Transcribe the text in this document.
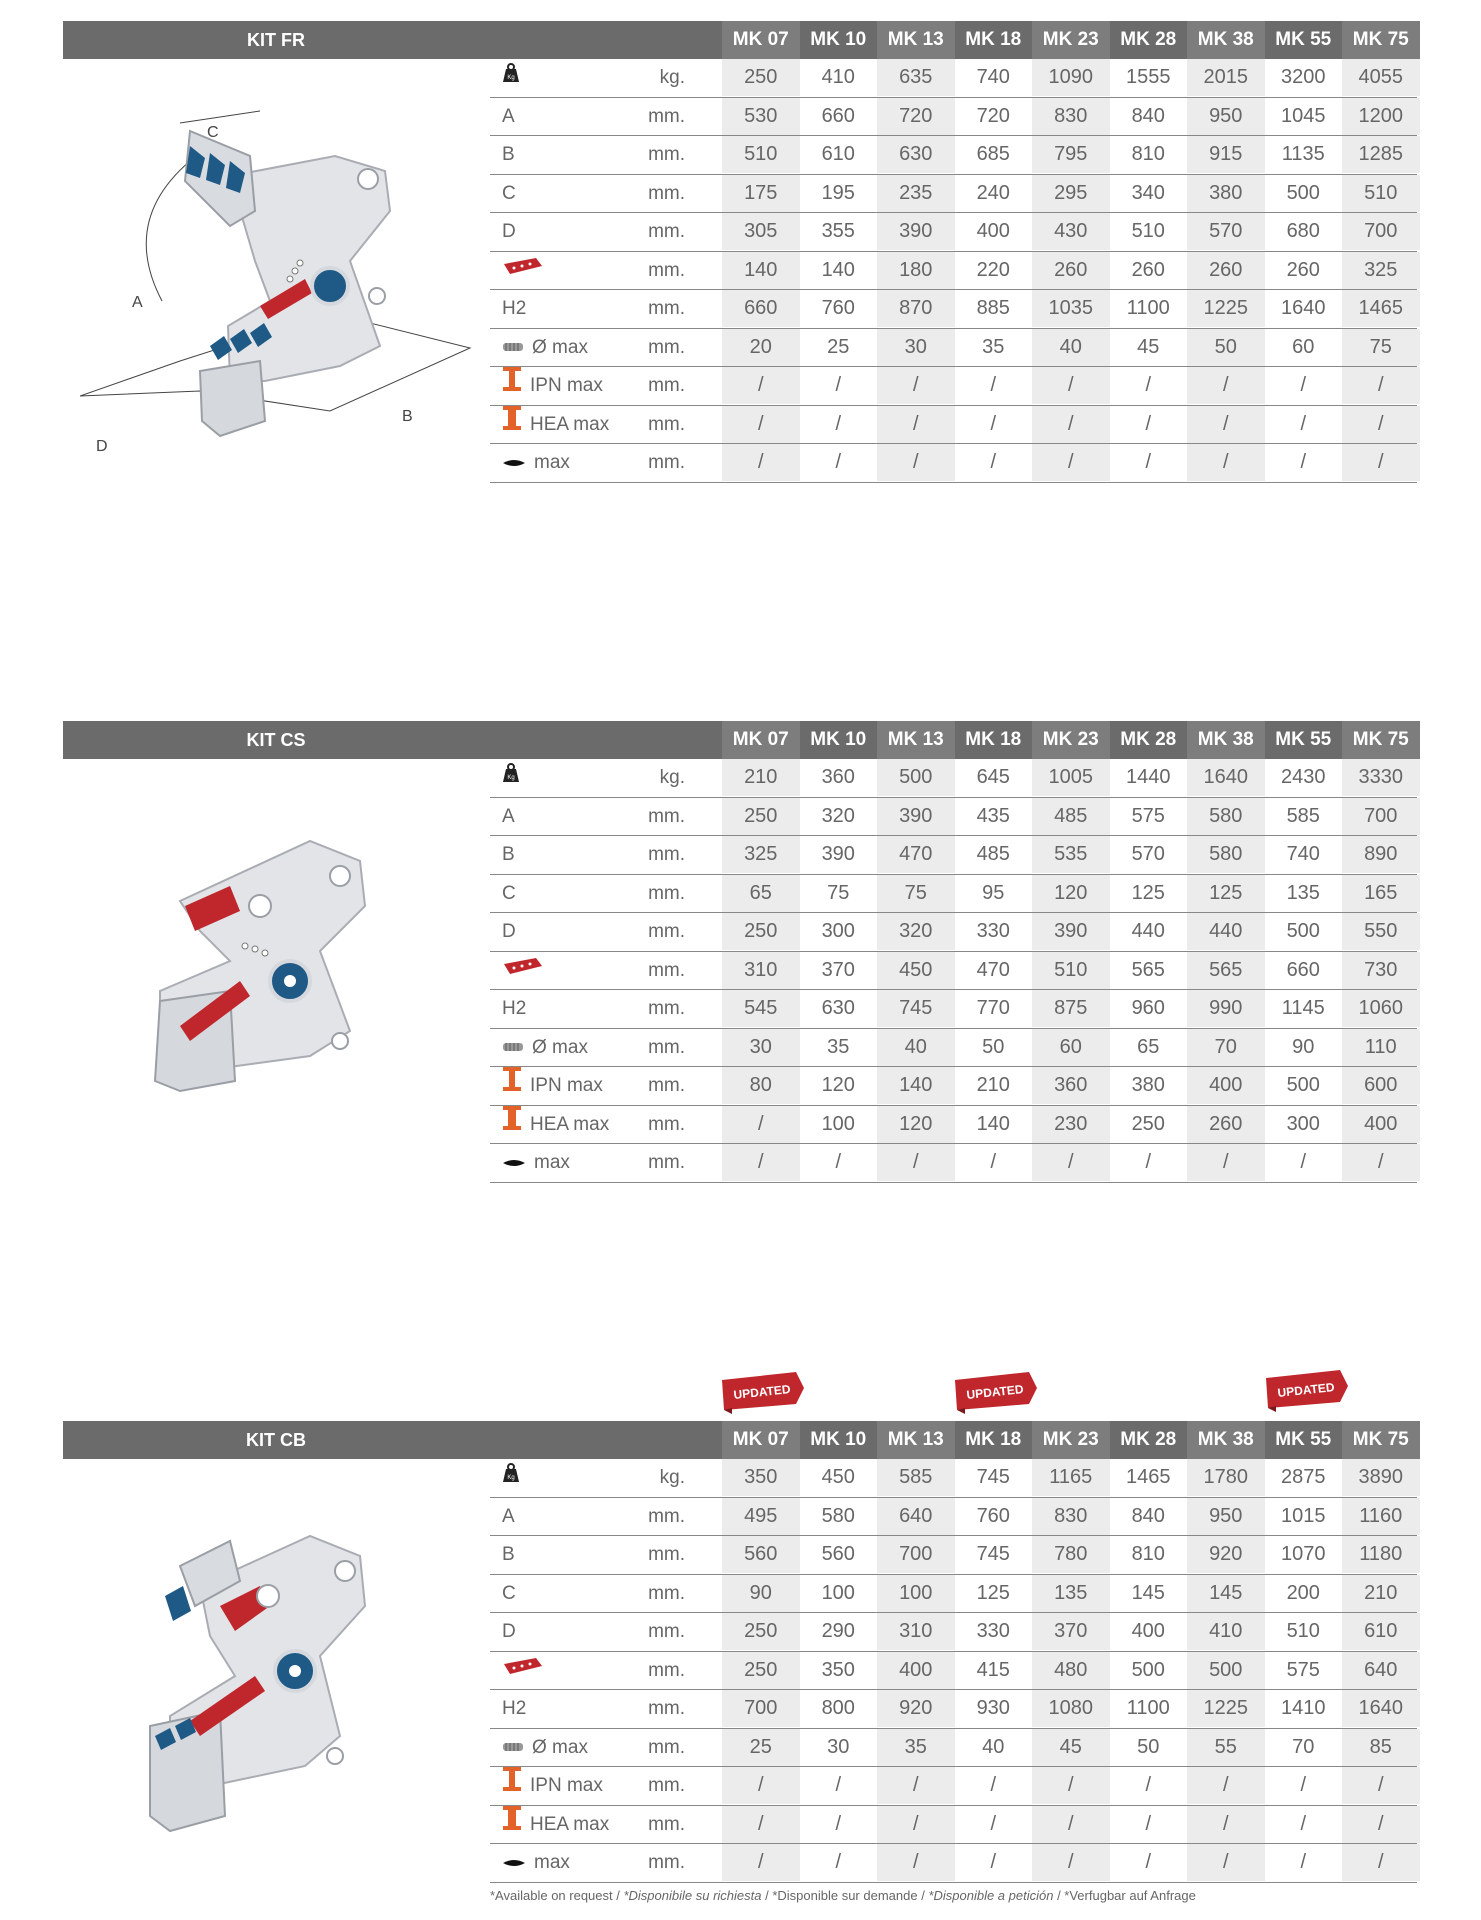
KIT FR	MK 07	MK 10	MK 13	MK 18	MK 23	MK 28	MK 38	MK 55	MK 75
Kg	kg.	250	410	635	740	1090	1555	2015	3200	4055
A	mm.	530	660	720	720	830	840	950	1045	1200
B	mm.	510	610	630	685	795	810	915	1135	1285
C	mm.	175	195	235	240	295	340	380	500	510
D	mm.	305	355	390	400	430	510	570	680	700
mm.	140	140	180	220	260	260	260	260	325
H2	mm.	660	760	870	885	1035	1100	1225	1640	1465
Ø max	mm.	20	25	30	35	40	45	50	60	75
IPN max	mm.	/	/	/	/	/	/	/	/	/
HEA max	mm.	/	/	/	/	/	/	/	/	/
max	mm.	/	/	/	/	/	/	/	/	/
C
A
B
D
KIT CS	MK 07	MK 10	MK 13	MK 18	MK 23	MK 28	MK 38	MK 55	MK 75
Kg	kg.	210	360	500	645	1005	1440	1640	2430	3330
A	mm.	250	320	390	435	485	575	580	585	700
B	mm.	325	390	470	485	535	570	580	740	890
C	mm.	65	75	75	95	120	125	125	135	165
D	mm.	250	300	320	330	390	440	440	500	550
mm.	310	370	450	470	510	565	565	660	730
H2	mm.	545	630	745	770	875	960	990	1145	1060
Ø max	mm.	30	35	40	50	60	65	70	90	110
IPN max	mm.	80	120	140	210	360	380	400	500	600
HEA max	mm.	/	100	120	140	230	250	260	300	400
max	mm.	/	/	/	/	/	/	/	/	/
KIT CB	MK 07	MK 10	MK 13	MK 18	MK 23	MK 28	MK 38	MK 55	MK 75
Kg	kg.	350	450	585	745	1165	1465	1780	2875	3890
A	mm.	495	580	640	760	830	840	950	1015	1160
B	mm.	560	560	700	745	780	810	920	1070	1180
C	mm.	90	100	100	125	135	145	145	200	210
D	mm.	250	290	310	330	370	400	410	510	610
mm.	250	350	400	415	480	500	500	575	640
H2	mm.	700	800	920	930	1080	1100	1225	1410	1640
Ø max	mm.	25	30	35	40	45	50	55	70	85
IPN max	mm.	/	/	/	/	/	/	/	/	/
HEA max	mm.	/	/	/	/	/	/	/	/	/
max	mm.	/	/	/	/	/	/	/	/	/
UPDATED	UPDATED	UPDATED
*Available on request / *Disponibile su richiesta / *Disponible sur demande / *Disponible a petición / *Verfugbar auf Anfrage
